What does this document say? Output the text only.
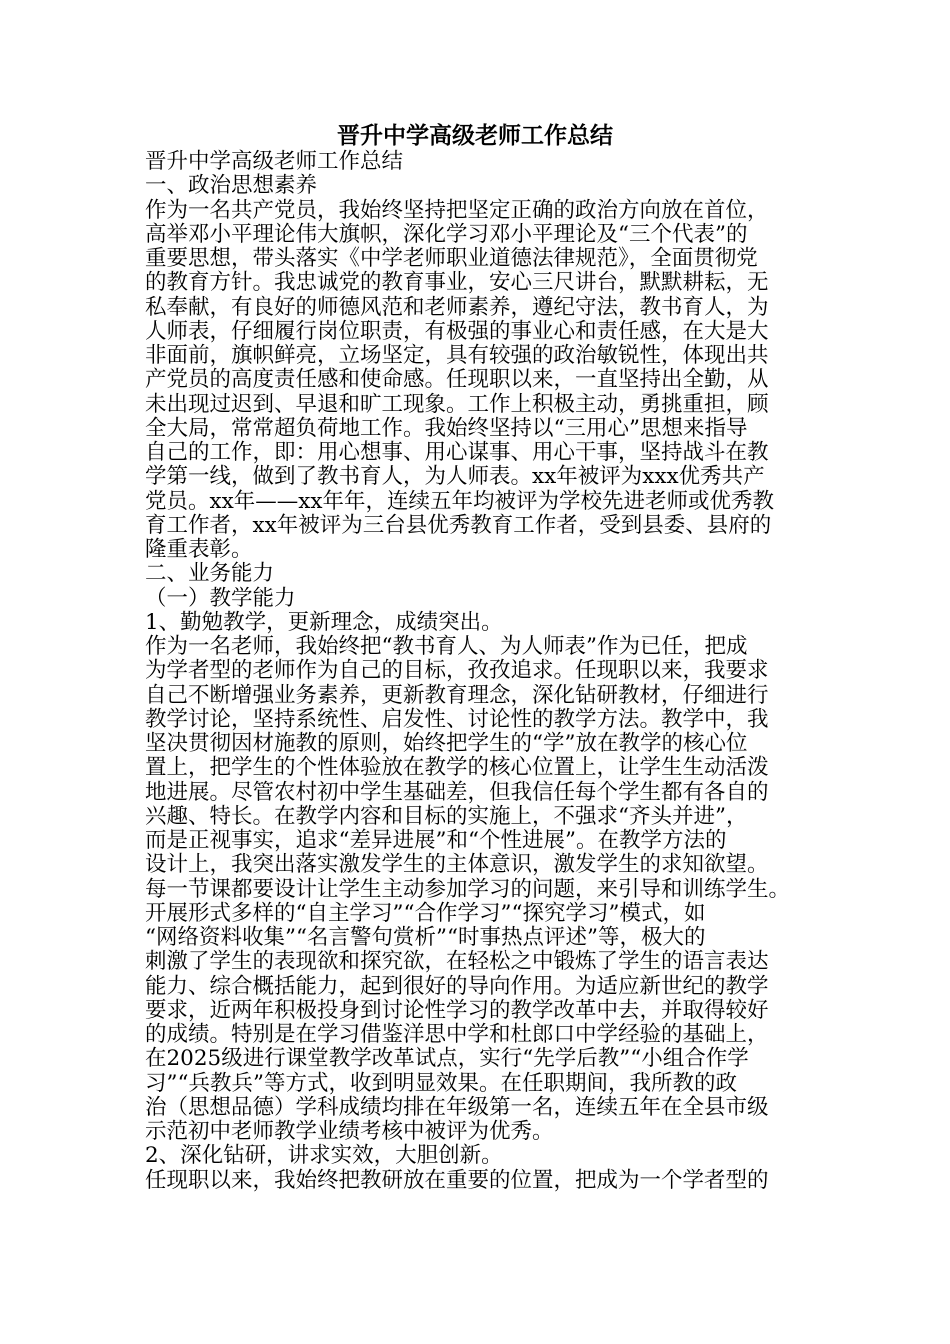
晋升中学高级老师工作总结
晋升中学高级老师工作总结
一、政治思想素养
作为一名共产党员，我始终坚持把坚定正确的政治方向放在首位，
高举邓小平理论伟大旗帜，深化学习邓小平理论及“三个代表”的
重要思想，带头落实《中学老师职业道德法律规范》，全面贯彻党
的教育方针。我忠诚党的教育事业，安心三尺讲台，默默耕耘，无
私奉献，有良好的师德风范和老师素养，遵纪守法，教书育人，为
人师表，仔细履行岗位职责，有极强的事业心和责任感，在大是大
非面前，旗帜鲜亮，立场坚定，具有较强的政治敏锐性，体现出共
产党员的高度责任感和使命感。任现职以来，一直坚持出全勤，从
未出现过迟到、早退和旷工现象。工作上积极主动，勇挑重担，顾
全大局，常常超负荷地工作。我始终坚持以“三用心”思想来指导
自己的工作，即：用心想事、用心谋事、用心干事，坚持战斗在教
学第一线，做到了教书育人，为人师表。xx年被评为xxx优秀共产
党员。xx年——xx年年，连续五年均被评为学校先进老师或优秀教
育工作者，xx年被评为三台县优秀教育工作者，受到县委、县府的
隆重表彰。
二、业务能力
（一）教学能力
1、勤勉教学，更新理念，成绩突出。
作为一名老师，我始终把“教书育人、为人师表”作为已任，把成
为学者型的老师作为自己的目标，孜孜追求。任现职以来，我要求
自己不断增强业务素养，更新教育理念，深化钻研教材，仔细进行
教学讨论，坚持系统性、启发性、讨论性的教学方法。教学中，我
坚决贯彻因材施教的原则，始终把学生的“学”放在教学的核心位
置上，把学生的个性体验放在教学的核心位置上，让学生生动活泼
地进展。尽管农村初中学生基础差，但我信任每个学生都有各自的
兴趣、特长。在教学内容和目标的实施上，不强求“齐头并进”，
而是正视事实，追求“差异进展”和“个性进展”。在教学方法的
设计上，我突出落实激发学生的主体意识，激发学生的求知欲望。
每一节课都要设计让学生主动参加学习的问题，来引导和训练学生。
开展形式多样的“自主学习”“合作学习”“探究学习”模式，如
“网络资料收集”“名言警句赏析”“时事热点评述”等，极大的
刺激了学生的表现欲和探究欲，在轻松之中锻炼了学生的语言表达
能力、综合概括能力，起到很好的导向作用。为适应新世纪的教学
要求，近两年积极投身到讨论性学习的教学改革中去，并取得较好
的成绩。特别是在学习借鉴洋思中学和杜郎口中学经验的基础上，
在2025级进行课堂教学改革试点，实行“先学后教”“小组合作学
习”“兵教兵”等方式，收到明显效果。在任职期间，我所教的政
治（思想品德）学科成绩均排在年级第一名，连续五年在全县市级
示范初中老师教学业绩考核中被评为优秀。
2、深化钻研，讲求实效，大胆创新。
任现职以来，我始终把教研放在重要的位置，把成为一个学者型的
